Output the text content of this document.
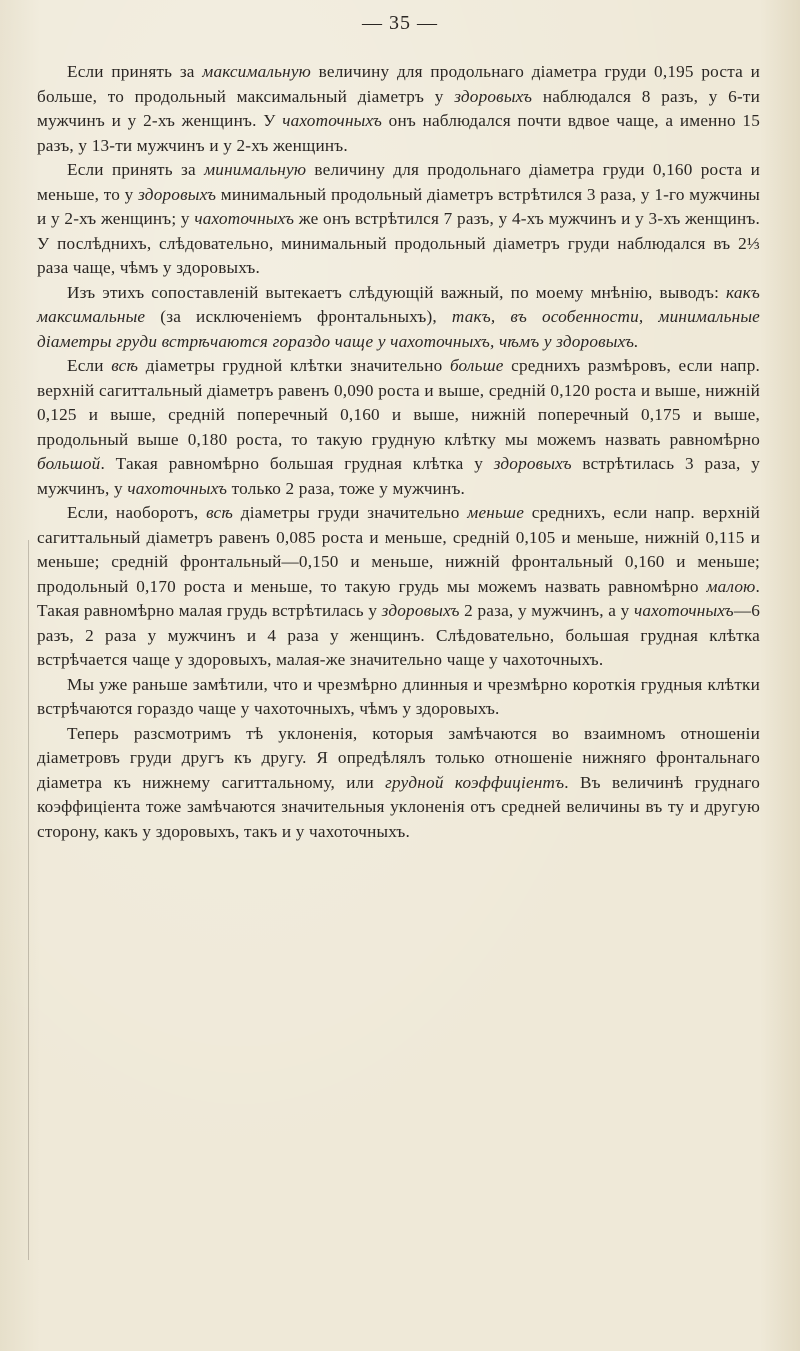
— 35 —

Если принять за максимальную величину для продольнаго діаметра груди 0,195 роста и больше, то продольный максимальный діаметръ у здоровыхъ наблюдался 8 разъ, у 6-ти мужчинъ и у 2-хъ женщинъ. У чахоточныхъ онъ наблюдался почти вдвое чаще, а именно 15 разъ, у 13-ти мужчинъ и у 2-хъ женщинъ.

Если принять за минимальную величину для продольнаго діаметра груди 0,160 роста и меньше, то у здоровыхъ минимальный продольный діаметръ встрѣтился 3 раза, у 1-го мужчины и у 2-хъ женщинъ; у чахоточныхъ же онъ встрѣтился 7 разъ, у 4-хъ мужчинъ и у 3-хъ женщинъ. У послѣднихъ, слѣдовательно, минимальный продольный діаметръ груди наблюдался въ 2⅓ раза чаще, чѣмъ у здоровыхъ.

Изъ этихъ сопоставленій вытекаетъ слѣдующій важный, по моему мнѣнію, выводъ: какъ максимальные (за исключеніемъ фронтальныхъ), такъ, въ особенности, минимальные діаметры груди встрѣчаются гораздо чаще у чахоточныхъ, чѣмъ у здоровыхъ.

Если всѣ діаметры грудной клѣтки значительно больше среднихъ размѣровъ, если напр. верхній сагиттальный діаметръ равенъ 0,090 роста и выше, средній 0,120 роста и выше, нижній 0,125 и выше, средній поперечный 0,160 и выше, нижній поперечный 0,175 и выше, продольный выше 0,180 роста, то такую грудную клѣтку мы можемъ назвать равномѣрно большой. Такая равномѣрно большая грудная клѣтка у здоровыхъ встрѣтилась 3 раза, у мужчинъ, у чахоточныхъ только 2 раза, тоже у мужчинъ.

Если, наоборотъ, всѣ діаметры груди значительно меньше среднихъ, если напр. верхній сагиттальный діаметръ равенъ 0,085 роста и меньше, средній 0,105 и меньше, нижній 0,115 и меньше; средній фронтальный—0,150 и меньше, нижній фронтальный 0,160 и меньше; продольный 0,170 роста и меньше, то такую грудь мы можемъ назвать равномѣрно малою. Такая равномѣрно малая грудь встрѣтилась у здоровыхъ 2 раза, у мужчинъ, а у чахоточныхъ—6 разъ, 2 раза у мужчинъ и 4 раза у женщинъ. Слѣдовательно, большая грудная клѣтка встрѣчается чаще у здоровыхъ, малая-же значительно чаще у чахоточныхъ.

Мы уже раньше замѣтили, что и чрезмѣрно длинныя и чрезмѣрно короткія грудныя клѣтки встрѣчаются гораздо чаще у чахоточныхъ, чѣмъ у здоровыхъ.

Теперь разсмотримъ тѣ уклоненія, которыя замѣчаются во взаимномъ отношеніи діаметровъ груди другъ къ другу. Я опредѣлялъ только отношеніе нижняго фронтальнаго діаметра къ нижнему сагиттальному, или грудной коэффиціентъ. Въ величинѣ груднаго коэффиціента тоже замѣчаются значительныя уклоненія отъ средней величины въ ту и другую сторону, какъ у здоровыхъ, такъ и у чахоточныхъ.
